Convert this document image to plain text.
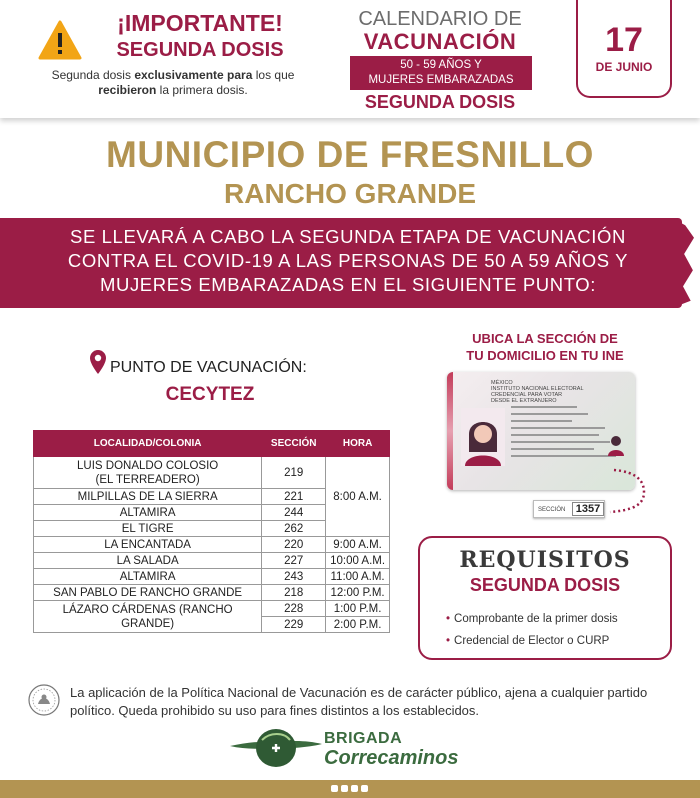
¡IMPORTANTE!
SEGUNDA DOSIS
Segunda dosis exclusivamente para los que
recibieron la primera dosis.
CALENDARIO DE
VACUNACIÓN
50 - 59 AÑOS Y
MUJERES EMBARAZADAS
SEGUNDA DOSIS
17
DE JUNIO
MUNICIPIO DE FRESNILLO
RANCHO GRANDE
SE LLEVARÁ A CABO LA SEGUNDA ETAPA DE VACUNACIÓN
CONTRA EL COVID-19 A LAS PERSONAS DE 50 A 59 AÑOS Y
MUJERES EMBARAZADAS EN EL SIGUIENTE PUNTO:
PUNTO DE VACUNACIÓN:
CECYTEZ
LOCALIDAD/COLONIA	SECCIÓN	HORA
LUIS DONALDO COLOSIO
(EL TERREADERO)	219	8:00 A.M.
MILPILLAS DE LA SIERRA	221	
ALTAMIRA	244	
EL TIGRE	262	
LA ENCANTADA	220	9:00 A.M.
LA SALADA	227	10:00 A.M.
ALTAMIRA	243	11:00 A.M.
SAN PABLO DE RANCHO GRANDE	218	12:00 P.M.
LÁZARO CÁRDENAS (RANCHO GRANDE)	228	1:00 P.M.
	229	2:00 P.M.
UBICA LA SECCIÓN DE
TU DOMICILIO EN TU INE
MÉXICO
INSTITUTO NACIONAL ELECTORAL
CREDENCIAL PARA VOTAR
DESDE EL EXTRANJERO
SECCIÓN 1357
REQUISITOS
SEGUNDA DOSIS
• Comprobante de la primer dosis
• Credencial de Elector o CURP
La aplicación de la Política Nacional de Vacunación es de carácter público, ajena a cualquier partido político. Queda prohibido su uso para fines distintos a los establecidos.
BRIGADA
Correcaminos
